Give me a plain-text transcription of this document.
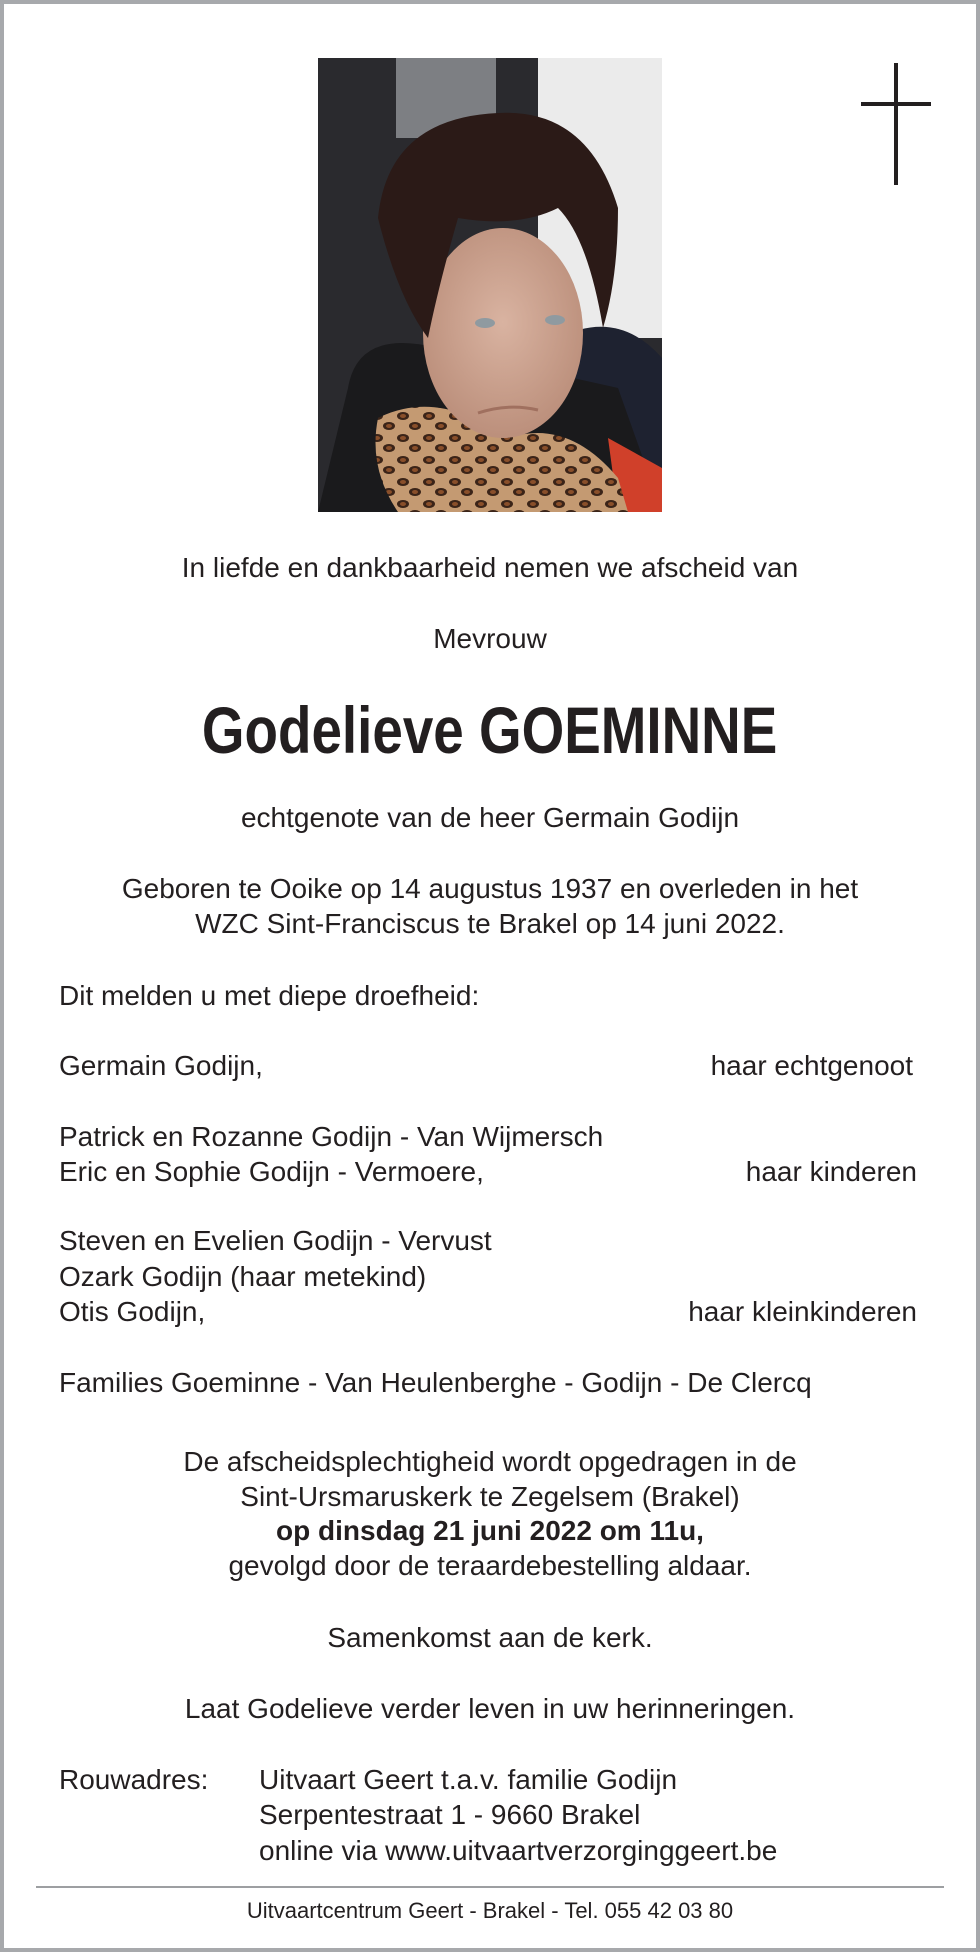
In liefde en dankbaarheid nemen we afscheid van
Mevrouw
Godelieve GOEMINNE
echtgenote van de heer Germain Godijn
Geboren te Ooike op 14 augustus 1937 en overleden in het
WZC Sint-Franciscus te Brakel op 14 juni 2022.
Dit melden u met diepe droefheid:
Germain Godijn,	haar echtgenoot
Patrick en Rozanne Godijn - Van Wijmersch
Eric en Sophie Godijn - Vermoere,	haar kinderen
Steven en Evelien Godijn - Vervust
Ozark Godijn (haar metekind)
Otis Godijn,	haar kleinkinderen
Families Goeminne - Van Heulenberghe - Godijn - De Clercq
De afscheidsplechtigheid wordt opgedragen in de
Sint-Ursmaruskerk te Zegelsem (Brakel)
op dinsdag 21 juni 2022 om 11u,
gevolgd door de teraardebestelling aldaar.
Samenkomst aan de kerk.
Laat Godelieve verder leven in uw herinneringen.
Rouwadres: Uitvaart Geert t.a.v. familie Godijn
Serpentestraat 1 - 9660 Brakel
online via www.uitvaartverzorginggeert.be
Uitvaartcentrum Geert - Brakel - Tel. 055 42 03 80
